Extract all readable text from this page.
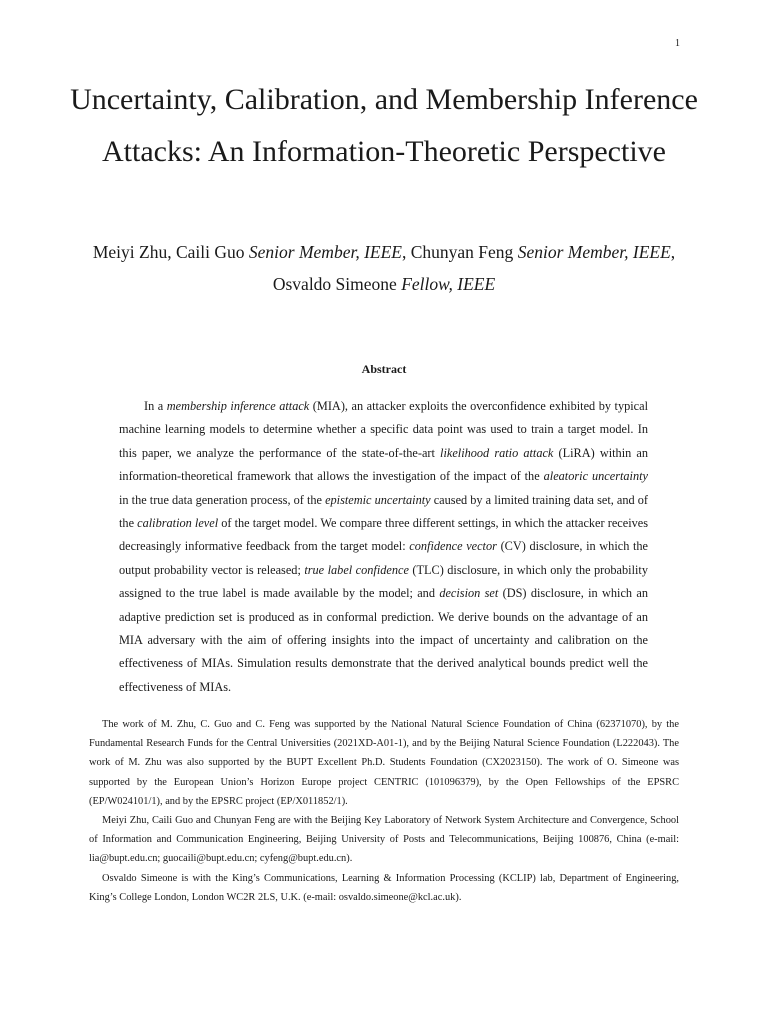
1
Uncertainty, Calibration, and Membership Inference Attacks: An Information-Theoretic Perspective
Meiyi Zhu, Caili Guo Senior Member, IEEE, Chunyan Feng Senior Member, IEEE, Osvaldo Simeone Fellow, IEEE
Abstract

In a membership inference attack (MIA), an attacker exploits the overconfidence exhibited by typical machine learning models to determine whether a specific data point was used to train a target model. In this paper, we analyze the performance of the state-of-the-art likelihood ratio attack (LiRA) within an information-theoretical framework that allows the investigation of the impact of the aleatoric uncertainty in the true data generation process, of the epistemic uncertainty caused by a limited training data set, and of the calibration level of the target model. We compare three different settings, in which the attacker receives decreasingly informative feedback from the target model: confidence vector (CV) disclosure, in which the output probability vector is released; true label confidence (TLC) disclosure, in which only the probability assigned to the true label is made available by the model; and decision set (DS) disclosure, in which an adaptive prediction set is produced as in conformal prediction. We derive bounds on the advantage of an MIA adversary with the aim of offering insights into the impact of uncertainty and calibration on the effectiveness of MIAs. Simulation results demonstrate that the derived analytical bounds predict well the effectiveness of MIAs.

The work of M. Zhu, C. Guo and C. Feng was supported by the National Natural Science Foundation of China (62371070), by the Fundamental Research Funds for the Central Universities (2021XD-A01-1), and by the Beijing Natural Science Foundation (L222043). The work of M. Zhu was also supported by the BUPT Excellent Ph.D. Students Foundation (CX2023150). The work of O. Simeone was supported by the European Union’s Horizon Europe project CENTRIC (101096379), by the Open Fellowships of the EPSRC (EP/W024101/1), and by the EPSRC project (EP/X011852/1).

Meiyi Zhu, Caili Guo and Chunyan Feng are with the Beijing Key Laboratory of Network System Architecture and Convergence, School of Information and Communication Engineering, Beijing University of Posts and Telecommunications, Beijing 100876, China (e-mail: lia@bupt.edu.cn; guocaili@bupt.edu.cn; cyfeng@bupt.edu.cn).

Osvaldo Simeone is with the King’s Communications, Learning & Information Processing (KCLIP) lab, Department of Engineering, King’s College London, London WC2R 2LS, U.K. (e-mail: osvaldo.simeone@kcl.ac.uk).
